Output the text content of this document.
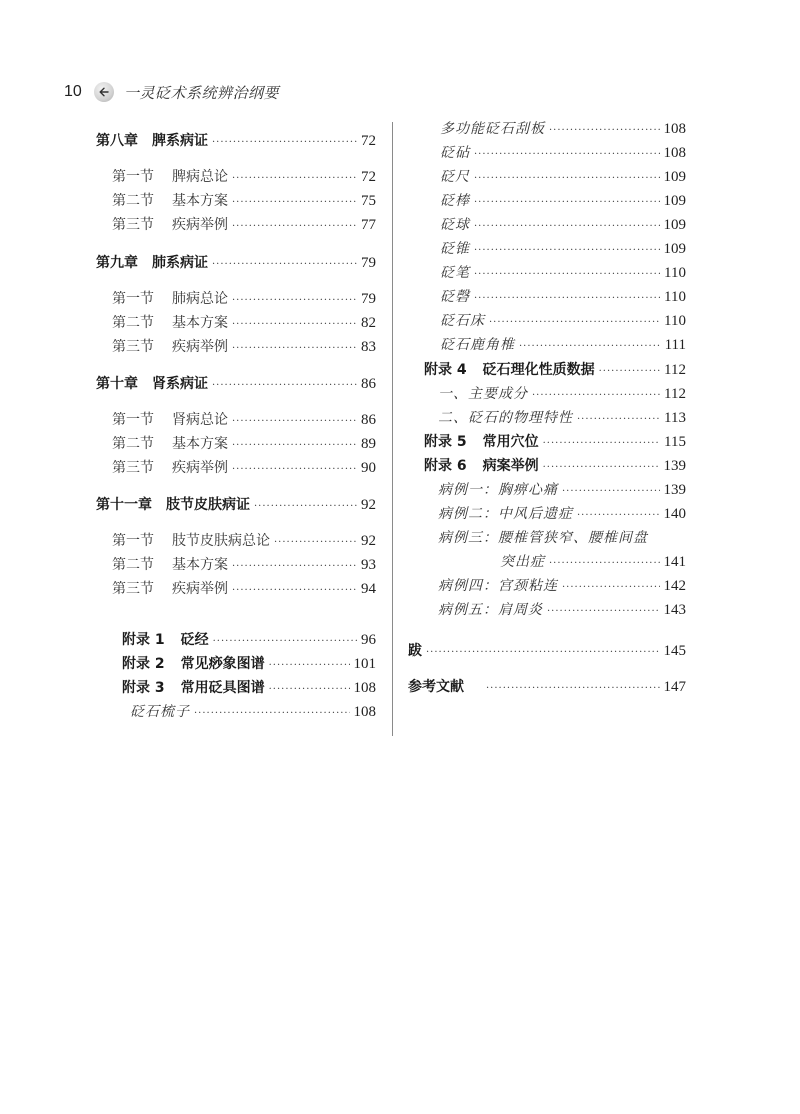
10	一灵砭术系统辨治纲要
第八章 脾系病证 ·····	72
第一节 脾病总论 ·····	72
第二节 基本方案 ·····	75
第三节 疾病举例 ·····	77
第九章 肺系病证 ·····	79
第一节 肺病总论 ·····	79
第二节 基本方案 ·····	82
第三节 疾病举例 ·····	83
第十章 肾系病证 ·····	86
第一节 肾病总论 ·····	86
第二节 基本方案 ·····	89
第三节 疾病举例 ·····	90
第十一章 肢节皮肤病证 ·····	92
第一节 肢节皮肤病总论 ·····	92
第二节 基本方案 ·····	93
第三节 疾病举例 ·····	94
附录 1 砭经 ·····	96
附录 2 常见痧象图谱 ·····	101
附录 3 常用砭具图谱 ·····	108
砭石梳子 ·····	108
多功能砭石刮板 ·····	108
砭砧 ·····	108
砭尺 ·····	109
砭棒 ·····	109
砭球 ·····	109
砭锥 ·····	109
砭笔 ·····	110
砭磬 ·····	110
砭石床 ·····	110
砭石鹿角椎 ·····	111
附录 4 砭石理化性质数据 ·····	112
一、主要成分 ·····	112
二、砭石的物理特性 ·····	113
附录 5 常用穴位 ·····	115
附录 6 病案举例 ·····	139
病例一：胸痹心痛 ·····	139
病例二：中风后遗症 ·····	140
病例三：腰椎管狭窄、腰椎间盘
突出症 ·····	141
病例四：宫颈粘连 ·····	142
病例五：肩周炎 ·····	143
跋 ·····	145
参考文献 ·····	147
